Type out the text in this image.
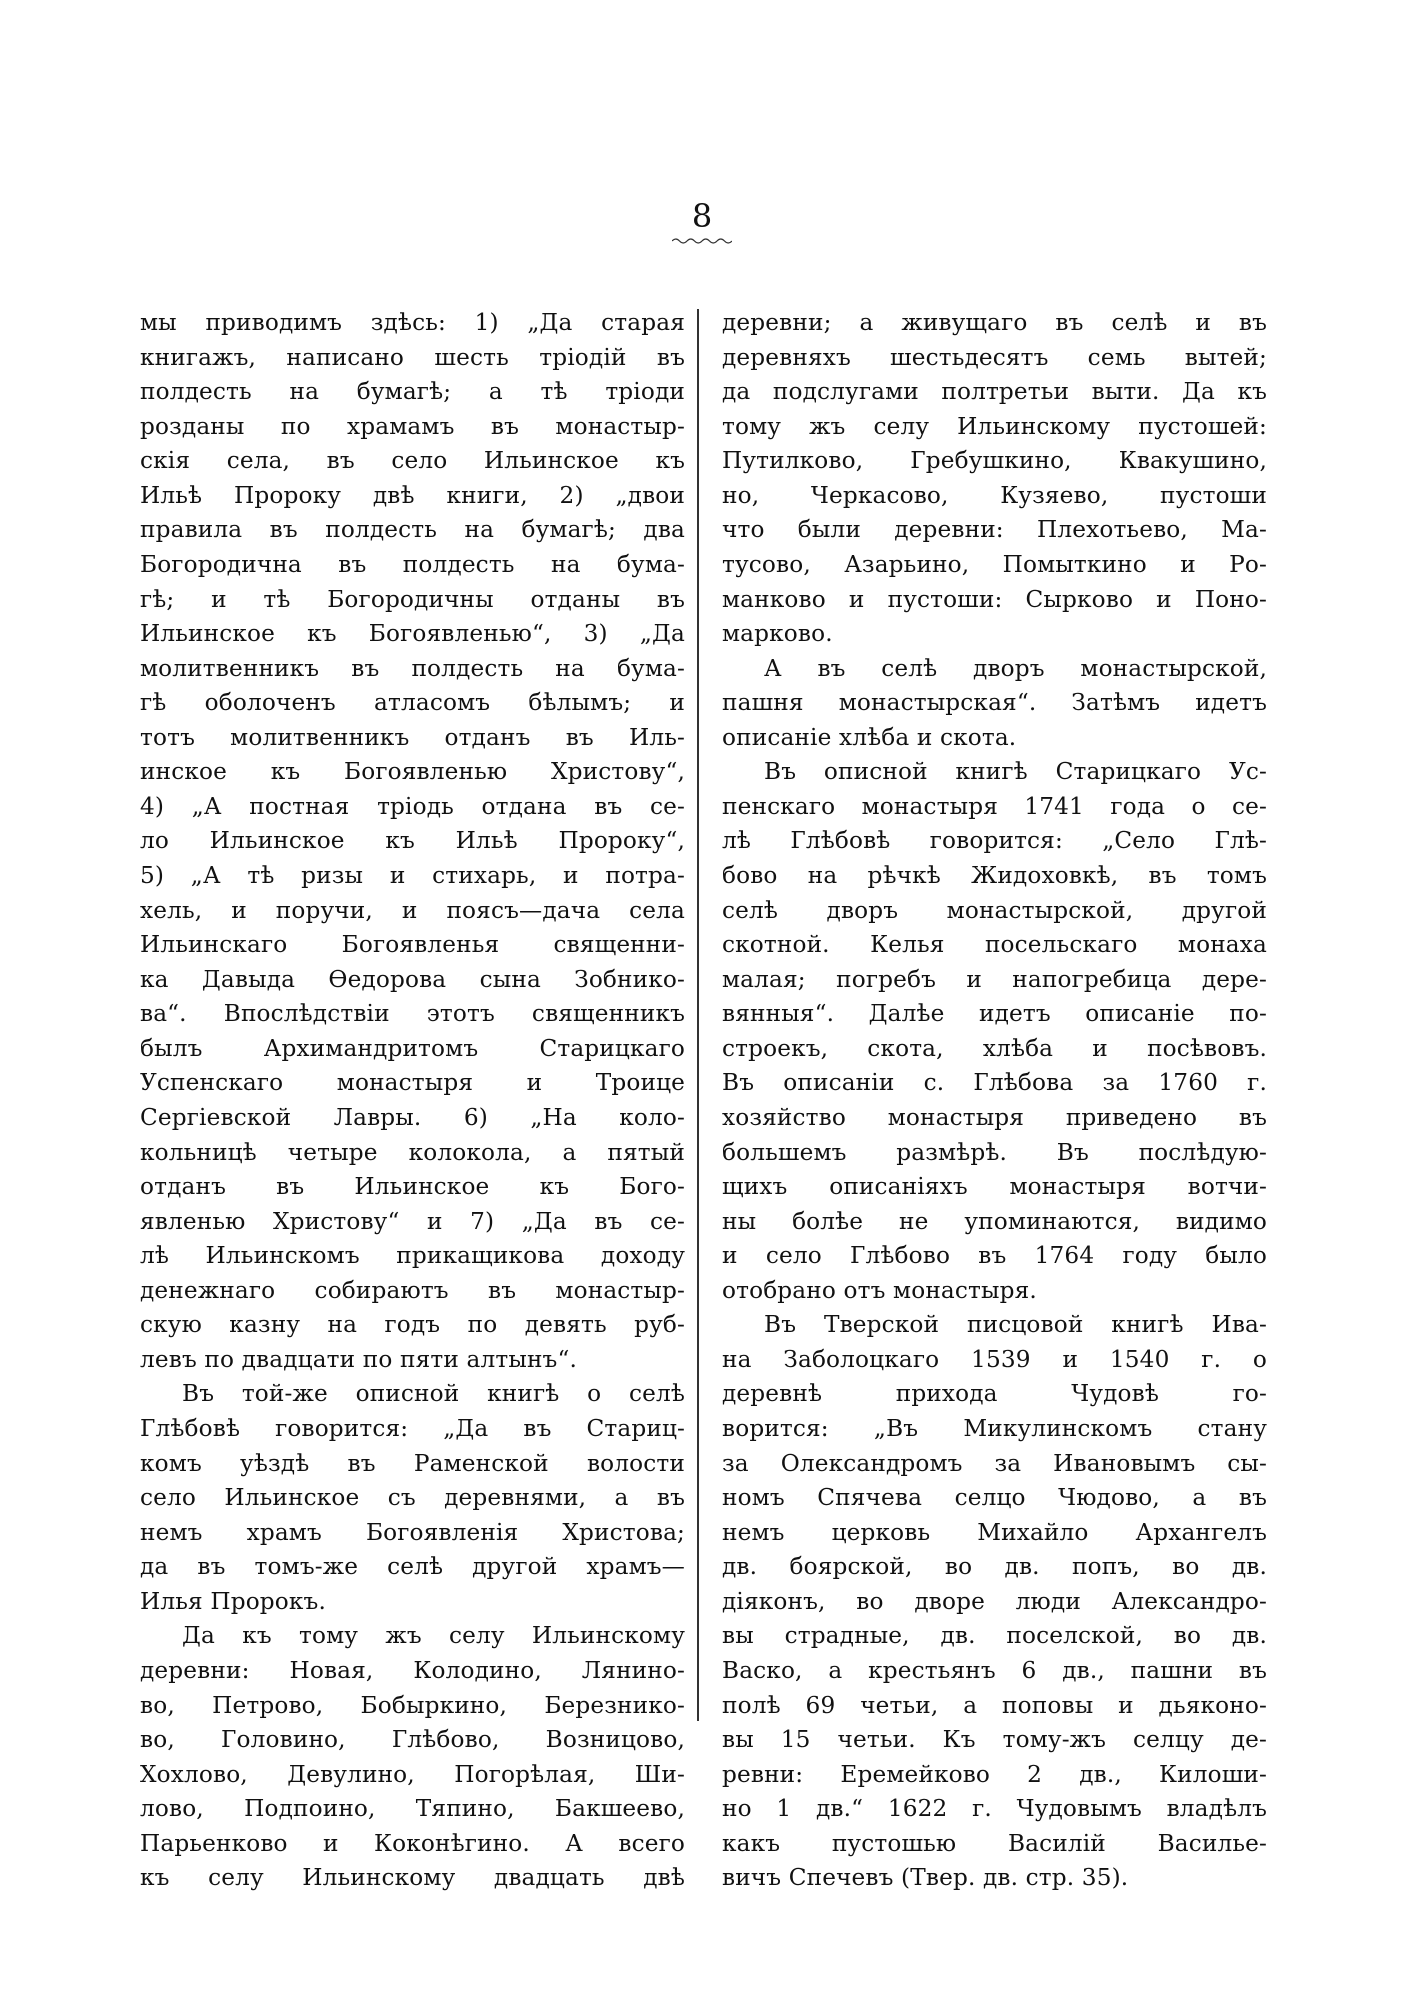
8
мы приводимъ здѣсь: 1) „Да старая
книгажъ, написано шесть тріодій въ
полдесть на бумагѣ; а тѣ тріоди
розданы по храмамъ въ монастыр-
скія села, въ село Ильинское къ
Ильѣ Пророку двѣ книги, 2) „двои
правила въ полдесть на бумагѣ; два
Богородична въ полдесть на бума-
гѣ; и тѣ Богородичны отданы въ
Ильинское къ Богоявленью“, 3) „Да
молитвенникъ въ полдесть на бума-
гѣ оболоченъ атласомъ бѣлымъ; и
тотъ молитвенникъ отданъ въ Иль-
инское къ Богоявленью Христову“,
4) „А постная тріодь отдана въ се-
ло Ильинское къ Ильѣ Пророку“,
5) „А тѣ ризы и стихарь, и потра-
хель, и поручи, и поясъ—дача села
Ильинскаго Богоявленья священни-
ка Давыда Ѳедорова сына Зобнико-
ва“. Впослѣдствіи этотъ священникъ
былъ Архимандритомъ Старицкаго
Успенскаго монастыря и Троице
Сергіевской Лавры. 6) „На коло-
кольницѣ четыре колокола, а пятый
отданъ въ Ильинское къ Бого-
явленью Христову“ и 7) „Да въ се-
лѣ Ильинскомъ прикащикова доходу
денежнаго собираютъ въ монастыр-
скую казну на годъ по девять руб-
левъ по двадцати по пяти алтынъ“.
Въ той-же описной книгѣ о селѣ
Глѣбовѣ говорится: „Да въ Стариц-
комъ уѣздѣ въ Раменской волости
село Ильинское съ деревнями, а въ
немъ храмъ Богоявленія Христова;
да въ томъ-же селѣ другой храмъ—
Илья Пророкъ.
Да къ тому жъ селу Ильинскому
деревни: Новая, Колодино, Лянино-
во, Петрово, Бобыркино, Березнико-
во, Головино, Глѣбово, Возницово,
Хохлово, Девулино, Погорѣлая, Ши-
лово, Подпоино, Тяпино, Бакшеево,
Парьенково и Коконѣгино. А всего
къ селу Ильинскому двадцать двѣ
деревни; а живущаго въ селѣ и въ
деревняхъ шестьдесятъ семь вытей;
да подслугами полтретьи выти. Да къ
тому жъ селу Ильинскому пустошей:
Путилково, Гребушкино, Квакушино,
но, Черкасово, Кузяево, пустоши
что были деревни: Плехотьево, Ма-
тусово, Азарьино, Помыткино и Ро-
манково и пустоши: Сырково и Поно-
марково.
А въ селѣ дворъ монастырской,
пашня монастырская“. Затѣмъ идетъ
описаніе хлѣба и скота.
Въ описной книгѣ Старицкаго Ус-
пенскаго монастыря 1741 года о се-
лѣ Глѣбовѣ говорится: „Село Глѣ-
бово на рѣчкѣ Жидоховкѣ, въ томъ
селѣ дворъ монастырской, другой
скотной. Келья посельскаго монаха
малая; погребъ и напогребица дере-
вянныя“. Далѣе идетъ описаніе по-
строекъ, скота, хлѣба и посѣвовъ.
Въ описаніи с. Глѣбова за 1760 г.
хозяйство монастыря приведено въ
большемъ размѣрѣ. Въ послѣдую-
щихъ описаніяхъ монастыря вотчи-
ны болѣе не упоминаются, видимо
и село Глѣбово въ 1764 году было
отобрано отъ монастыря.
Въ Тверской писцовой книгѣ Ива-
на Заболоцкаго 1539 и 1540 г. о
деревнѣ прихода Чудовѣ го-
ворится: „Въ Микулинскомъ стану
за Олександромъ за Ивановымъ сы-
номъ Спячева селцо Чюдово, а въ
немъ церковь Михайло Архангелъ
дв. боярской, во дв. попъ, во дв.
діяконъ, во дворе люди Александро-
вы страдные, дв. поселской, во дв.
Васко, а крестьянъ 6 дв., пашни въ
полѣ 69 четьи, а поповы и дьяконо-
вы 15 четьи. Къ тому-жъ селцу де-
ревни: Еремейково 2 дв., Килоши-
но 1 дв.“ 1622 г. Чудовымъ владѣлъ
какъ пустошью Василій Василье-
вичъ Спечевъ (Твер. дв. стр. 35).
